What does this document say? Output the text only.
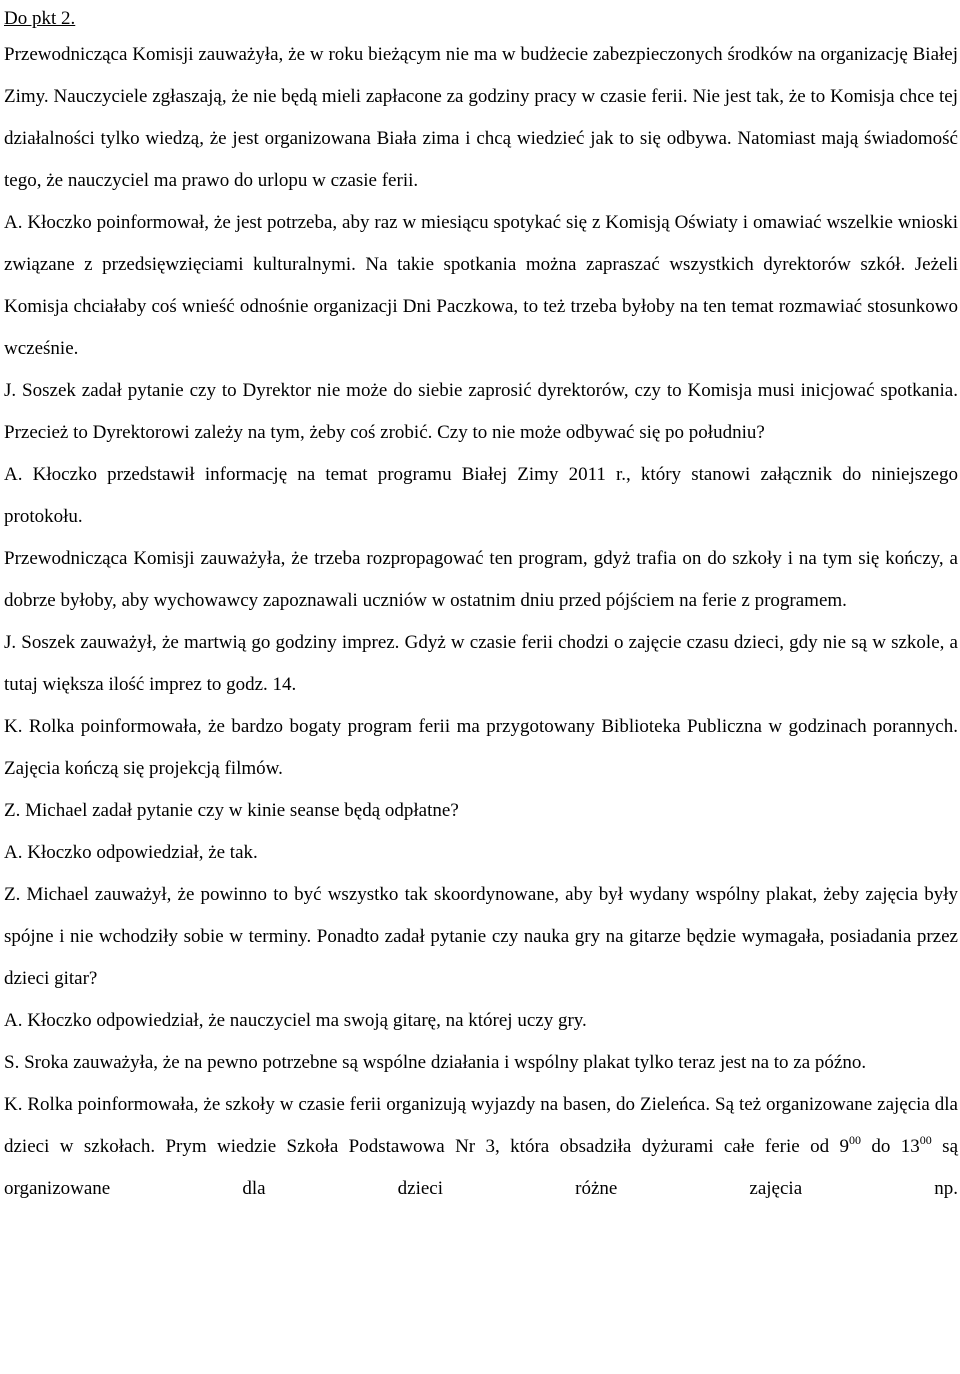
Do pkt 2.

Przewodnicząca Komisji zauważyła, że w roku bieżącym nie ma w budżecie zabezpieczonych środków na organizację Białej Zimy. Nauczyciele zgłaszają, że nie będą mieli zapłacone za godziny pracy w czasie ferii. Nie jest tak, że to Komisja chce tej działalności tylko wiedzą, że jest organizowana Biała zima i chcą wiedzieć jak to się odbywa. Natomiast mają świadomość tego, że nauczyciel ma prawo do urlopu w czasie ferii.

A. Kłoczko poinformował, że jest potrzeba, aby raz w miesiącu spotykać się z Komisją Oświaty i omawiać wszelkie wnioski związane z przedsięwzięciami kulturalnymi. Na takie spotkania można zapraszać wszystkich dyrektorów szkół. Jeżeli Komisja chciałaby coś wnieść odnośnie organizacji Dni Paczkowa, to też trzeba byłoby na ten temat rozmawiać stosunkowo wcześnie.

J. Soszek zadał pytanie czy to Dyrektor nie może do siebie zaprosić dyrektorów, czy to Komisja musi inicjować spotkania. Przecież to Dyrektorowi zależy na tym, żeby coś zrobić. Czy to nie może odbywać się po południu?

A. Kłoczko przedstawił informację na temat programu Białej Zimy 2011 r., który stanowi załącznik do niniejszego protokołu.

Przewodnicząca Komisji zauważyła, że trzeba rozpropagować ten program, gdyż trafia on do szkoły i na tym się kończy, a dobrze byłoby, aby wychowawcy zapoznawali uczniów w ostatnim dniu przed pójściem na ferie z programem.

J. Soszek zauważył, że martwią go godziny imprez. Gdyż w czasie ferii chodzi o zajęcie czasu dzieci, gdy nie są w szkole, a tutaj większa ilość imprez to godz. 14.

K. Rolka poinformowała, że bardzo bogaty program ferii ma przygotowany Biblioteka Publiczna w godzinach porannych. Zajęcia kończą się projekcją filmów.

Z. Michael zadał pytanie czy w kinie seanse będą odpłatne?

A. Kłoczko odpowiedział, że tak.

Z. Michael zauważył, że powinno to być wszystko tak skoordynowane, aby był wydany wspólny plakat, żeby zajęcia były spójne i nie wchodziły sobie w terminy. Ponadto zadał pytanie czy nauka gry na gitarze będzie wymagała, posiadania przez dzieci gitar?

A. Kłoczko odpowiedział, że nauczyciel ma swoją gitarę, na której uczy gry.

S. Sroka zauważyła, że na pewno potrzebne są wspólne działania i wspólny plakat tylko teraz jest na to za późno.

K. Rolka poinformowała, że szkoły w czasie ferii organizują wyjazdy na basen, do Zieleńca. Są też organizowane zajęcia dla dzieci w szkołach. Prym wiedzie Szkoła Podstawowa Nr 3, która obsadziła dyżurami całe ferie od $9^{00}$ do $13^{00}$ są organizowane dla dzieci różne zajęcia np.
